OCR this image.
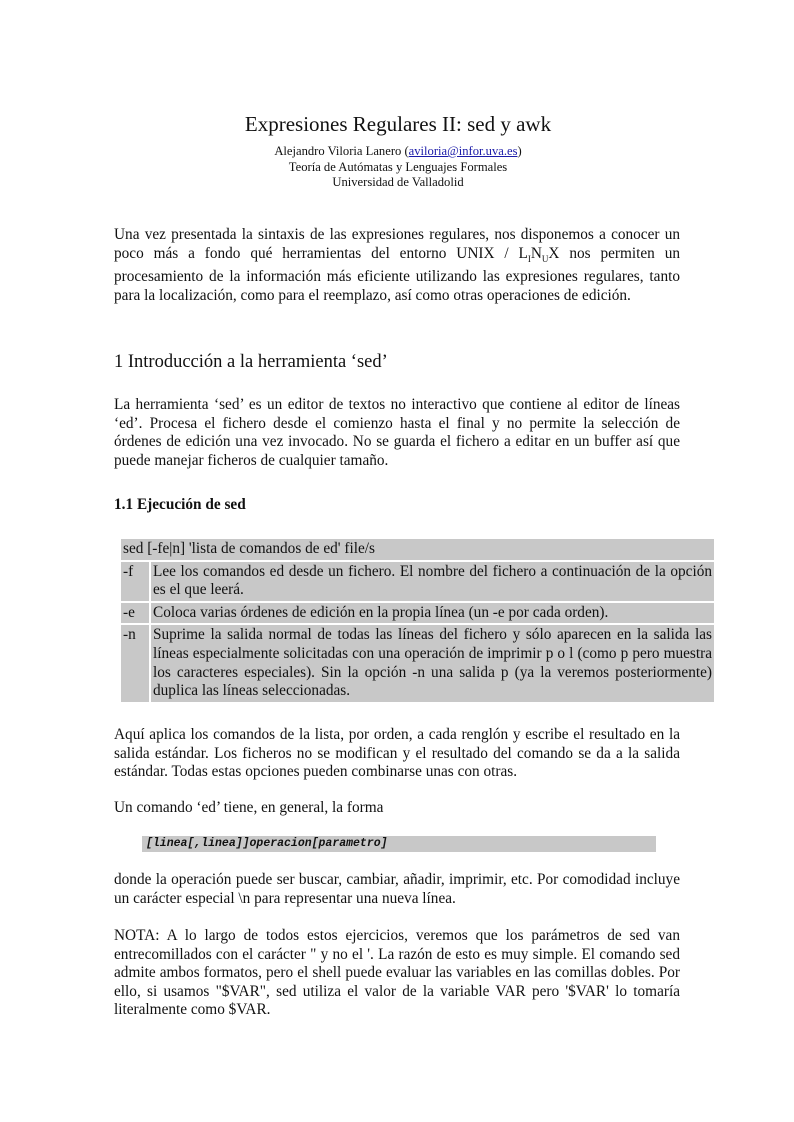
Expresiones Regulares II: sed y awk
Alejandro Viloria Lanero (aviloria@infor.uva.es)
Teoría de Autómatas y Lenguajes Formales
Universidad de Valladolid
Una vez presentada la sintaxis de las expresiones regulares, nos disponemos a conocer un poco más a fondo qué herramientas del entorno UNIX / $L_IN_UX$ nos permiten un procesamiento de la información más eficiente utilizando las expresiones regulares, tanto para la localización, como para el reemplazo, así como otras operaciones de edición.
1 Introducción a la herramienta ‘sed’
La herramienta ‘sed’ es un editor de textos no interactivo que contiene al editor de líneas ‘ed’. Procesa el fichero desde el comienzo hasta el final y no permite la selección de órdenes de edición una vez invocado. No se guarda el fichero a editar en un buffer así que puede manejar ficheros de cualquier tamaño.
1.1 Ejecución de sed
sed [-fe|n] 'lista de comandos de ed' file/s	
-f	Lee los comandos ed desde un fichero. El nombre del fichero a continuación de la opción es el que leerá.
-e	Coloca varias órdenes de edición en la propia línea (un -e por cada orden).
-n	Suprime la salida normal de todas las líneas del fichero y sólo aparecen en la salida las líneas especialmente solicitadas con una operación de imprimir p o l (como p pero muestra los caracteres especiales). Sin la opción -n una salida p (ya la veremos posteriormente) duplica las líneas seleccionadas.
Aquí aplica los comandos de la lista, por orden, a cada renglón y escribe el resultado en la salida estándar. Los ficheros no se modifican y el resultado del comando se da a la salida estándar. Todas estas opciones pueden combinarse unas con otras.
Un comando ‘ed’ tiene, en general, la forma
[linea[,linea]]operacion[parametro]
donde la operación puede ser buscar, cambiar, añadir, imprimir, etc. Por comodidad incluye un carácter especial \n para representar una nueva línea.
NOTA: A lo largo de todos estos ejercicios, veremos que los parámetros de sed van entrecomillados con el carácter " y no el '. La razón de esto es muy simple. El comando sed admite ambos formatos, pero el shell puede evaluar las variables en las comillas dobles. Por ello, si usamos "$VAR", sed utiliza el valor de la variable VAR pero '$VAR' lo tomaría literalmente como $VAR.
